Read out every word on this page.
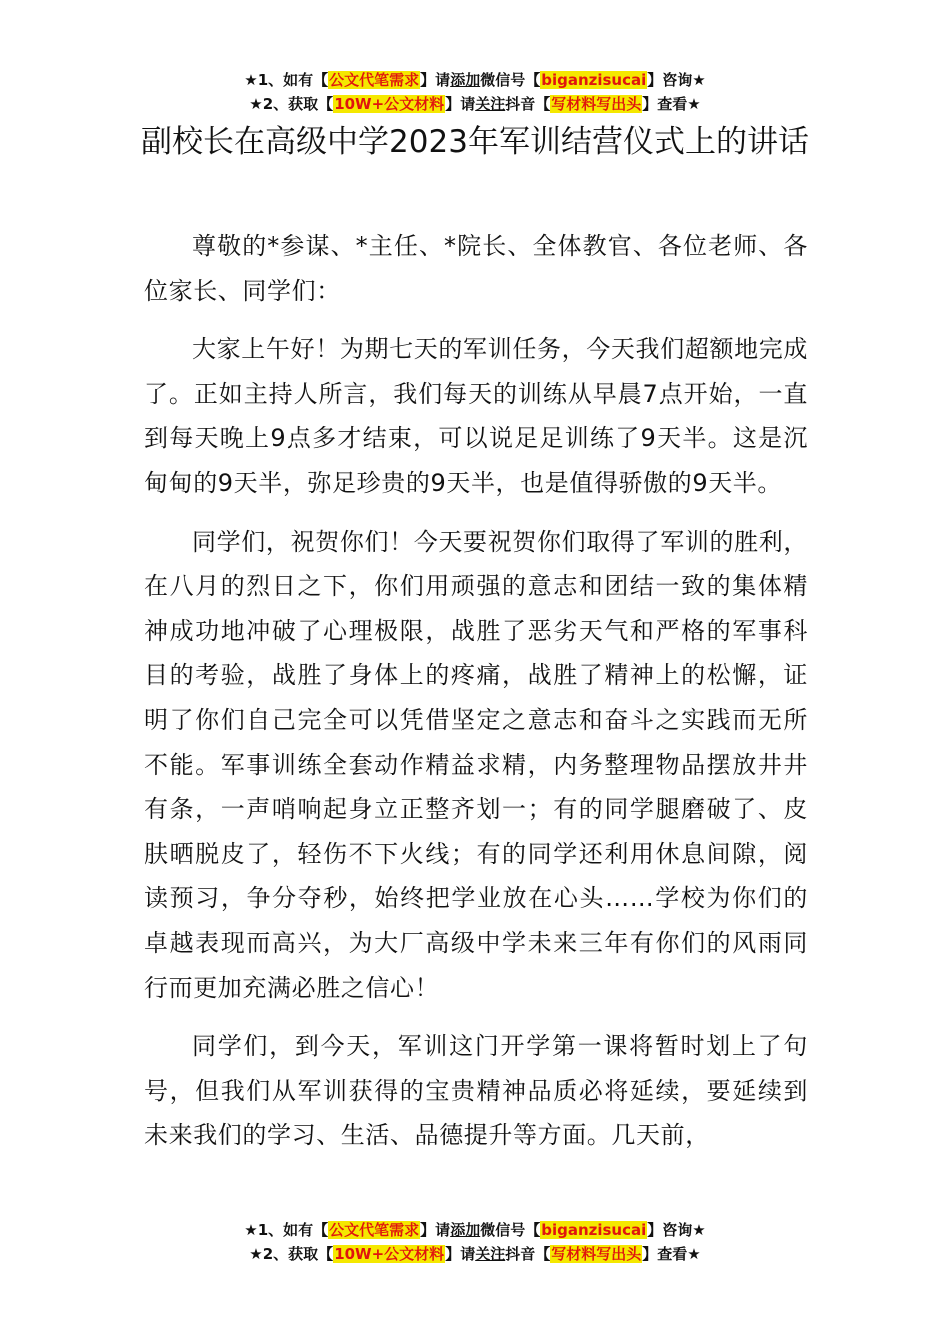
★1、如有【公文代笔需求】请添加微信号【biganzisucai】咨询★
★2、获取【10W+公文材料】请关注抖音【写材料写出头】查看★
副校长在高级中学2023年军训结营仪式上的讲话

尊敬的*参谋、*主任、*院长、全体教官、各位老师、各位家长、同学们：

大家上午好！为期七天的军训任务，今天我们超额地完成了。正如主持人所言，我们每天的训练从早晨7点开始，一直到每天晚上9点多才结束，可以说足足训练了9天半。这是沉甸甸的9天半，弥足珍贵的9天半，也是值得骄傲的9天半。

同学们，祝贺你们！今天要祝贺你们取得了军训的胜利，在八月的烈日之下，你们用顽强的意志和团结一致的集体精神成功地冲破了心理极限，战胜了恶劣天气和严格的军事科目的考验，战胜了身体上的疼痛，战胜了精神上的松懈，证明了你们自己完全可以凭借坚定之意志和奋斗之实践而无所不能。军事训练全套动作精益求精，内务整理物品摆放井井有条，一声哨响起身立正整齐划一；有的同学腿磨破了、皮肤晒脱皮了，轻伤不下火线；有的同学还利用休息间隙，阅读预习，争分夺秒，始终把学业放在心头……学校为你们的卓越表现而高兴，为大厂高级中学未来三年有你们的风雨同行而更加充满必胜之信心！

同学们，到今天，军训这门开学第一课将暂时划上了句号，但我们从军训获得的宝贵精神品质必将延续，要延续到未来我们的学习、生活、品德提升等方面。几天前，

★1、如有【公文代笔需求】请添加微信号【biganzisucai】咨询★
★2、获取【10W+公文材料】请关注抖音【写材料写出头】查看★
